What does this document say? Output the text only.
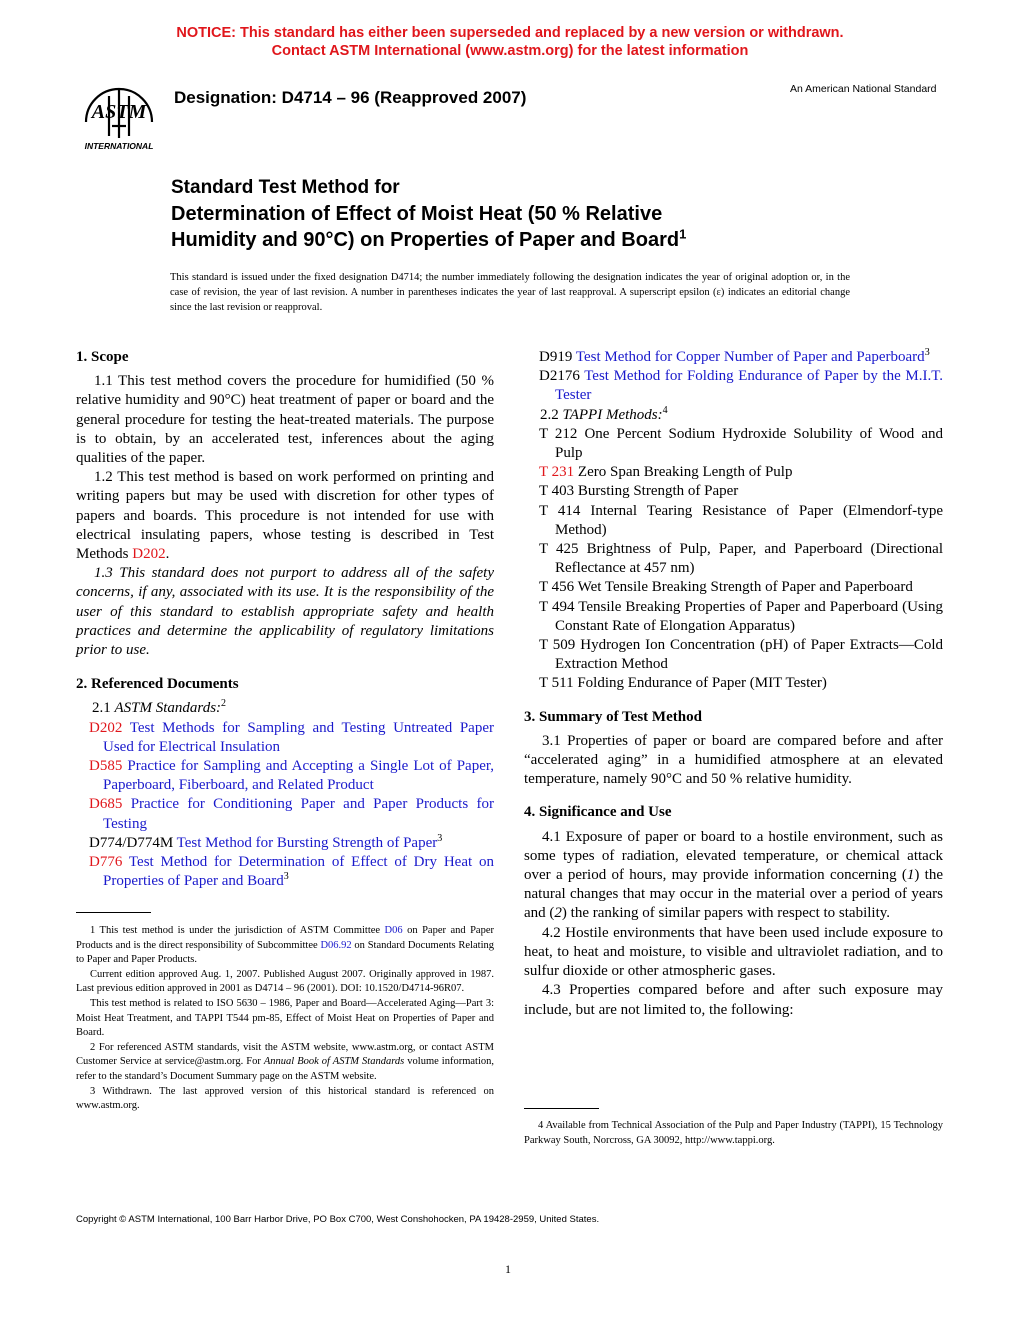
NOTICE: This standard has either been superseded and replaced by a new version or withdrawn.
Contact ASTM International (www.astm.org) for the latest information
ASTM
INTERNATIONAL
Designation: D4714 – 96 (Reapproved 2007)	An American National Standard
Standard Test Method for
Determination of Effect of Moist Heat (50 % Relative
Humidity and 90°C) on Properties of Paper and Board$^1$
This standard is issued under the fixed designation D4714; the number immediately following the designation indicates the year of original adoption or, in the case of revision, the year of last revision. A number in parentheses indicates the year of last reapproval. A superscript epsilon (ε) indicates an editorial change since the last revision or reapproval.
1. Scope

1.1 This test method covers the procedure for humidified (50 % relative humidity and 90°C) heat treatment of paper or board and the general procedure for testing the heat-treated materials. The purpose is to obtain, by an accelerated test, inferences about the aging qualities of the paper.

1.2 This test method is based on work performed on printing and writing papers but may be used with discretion for other types of papers and boards. This procedure is not intended for use with electrical insulating papers, whose testing is described in Test Methods D202.

1.3 This standard does not purport to address all of the safety concerns, if any, associated with its use. It is the responsibility of the user of this standard to establish appropriate safety and health practices and determine the applicability of regulatory limitations prior to use.

2. Referenced Documents

2.1 ASTM Standards:$^2$

D202 Test Methods for Sampling and Testing Untreated Paper Used for Electrical Insulation

D585 Practice for Sampling and Accepting a Single Lot of Paper, Paperboard, Fiberboard, and Related Product

D685 Practice for Conditioning Paper and Paper Products for Testing

D774/D774M Test Method for Bursting Strength of Paper$^3$

D776 Test Method for Determination of Effect of Dry Heat on Properties of Paper and Board$^3$

1 This test method is under the jurisdiction of ASTM Committee D06 on Paper and Paper Products and is the direct responsibility of Subcommittee D06.92 on Standard Documents Relating to Paper and Paper Products.

Current edition approved Aug. 1, 2007. Published August 2007. Originally approved in 1987. Last previous edition approved in 2001 as D4714 – 96 (2001). DOI: 10.1520/D4714-96R07.

This test method is related to ISO 5630 – 1986, Paper and Board—Accelerated Aging—Part 3: Moist Heat Treatment, and TAPPI T544 pm-85, Effect of Moist Heat on Properties of Paper and Board.

2 For referenced ASTM standards, visit the ASTM website, www.astm.org, or contact ASTM Customer Service at service@astm.org. For Annual Book of ASTM Standards volume information, refer to the standard’s Document Summary page on the ASTM website.

3 Withdrawn. The last approved version of this historical standard is referenced on www.astm.org.

D919 Test Method for Copper Number of Paper and Paperboard$^3$

D2176 Test Method for Folding Endurance of Paper by the M.I.T. Tester

2.2 TAPPI Methods:$^4$

T 212 One Percent Sodium Hydroxide Solubility of Wood and Pulp

T 231 Zero Span Breaking Length of Pulp

T 403 Bursting Strength of Paper

T 414 Internal Tearing Resistance of Paper (Elmendorf-type Method)

T 425 Brightness of Pulp, Paper, and Paperboard (Directional Reflectance at 457 nm)

T 456 Wet Tensile Breaking Strength of Paper and Paperboard

T 494 Tensile Breaking Properties of Paper and Paperboard (Using Constant Rate of Elongation Apparatus)

T 509 Hydrogen Ion Concentration (pH) of Paper Extracts—Cold Extraction Method

T 511 Folding Endurance of Paper (MIT Tester)

3. Summary of Test Method

3.1 Properties of paper or board are compared before and after “accelerated aging” in a humidified atmosphere at an elevated temperature, namely 90°C and 50 % relative humidity.

4. Significance and Use

4.1 Exposure of paper or board to a hostile environment, such as some types of radiation, elevated temperature, or chemical attack over a period of hours, may provide information concerning (1) the natural changes that may occur in the material over a period of years and (2) the ranking of similar papers with respect to stability.

4.2 Hostile environments that have been used include exposure to heat, to heat and moisture, to visible and ultraviolet radiation, and to sulfur dioxide or other atmospheric gases.

4.3 Properties compared before and after such exposure may include, but are not limited to, the following:

4 Available from Technical Association of the Pulp and Paper Industry (TAPPI), 15 Technology Parkway South, Norcross, GA 30092, http://www.tappi.org.

Copyright © ASTM International, 100 Barr Harbor Drive, PO Box C700, West Conshohocken, PA 19428-2959, United States.
1
